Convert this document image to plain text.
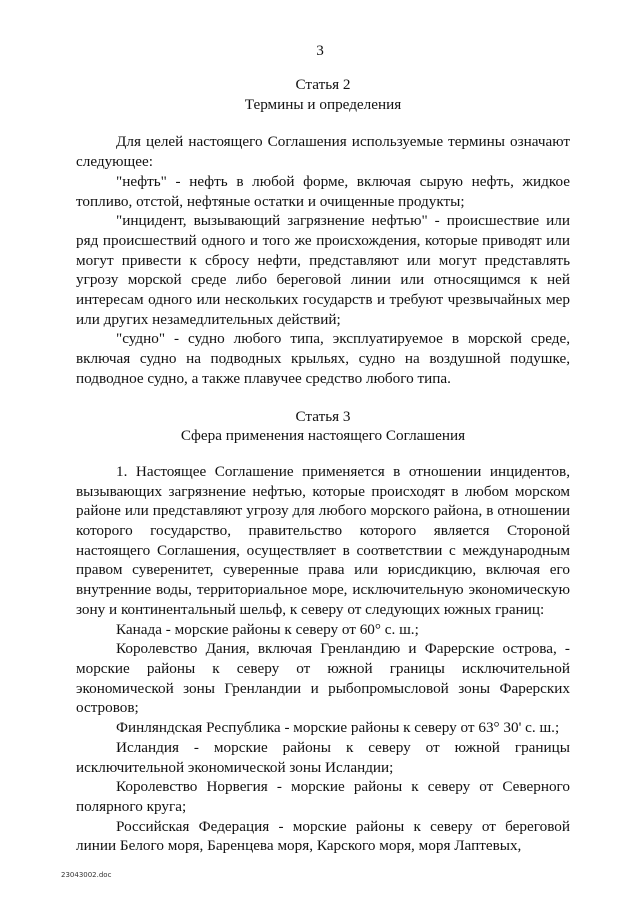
3
Статья 2
Термины и определения

Для целей настоящего Соглашения используемые термины означают следующее:

"нефть" - нефть в любой форме, включая сырую нефть, жидкое топливо, отстой, нефтяные остатки и очищенные продукты;

"инцидент, вызывающий загрязнение нефтью" - происшествие или ряд происшествий одного и того же происхождения, которые приводят или могут привести к сбросу нефти, представляют или могут представлять угрозу морской среде либо береговой линии или относящимся к ней интересам одного или нескольких государств и требуют чрезвычайных мер или других незамедлительных действий;

"судно" - судно любого типа, эксплуатируемое в морской среде, включая судно на подводных крыльях, судно на воздушной подушке, подводное судно, а также плавучее средство любого типа.

Статья 3
Сфера применения настоящего Соглашения

1. Настоящее Соглашение применяется в отношении инцидентов, вызывающих загрязнение нефтью, которые происходят в любом морском районе или представляют угрозу для любого морского района, в отношении которого государство, правительство которого является Стороной настоящего Соглашения, осуществляет в соответствии с международным правом суверенитет, суверенные права или юрисдикцию, включая его внутренние воды, территориальное море, исключительную экономическую зону и континентальный шельф, к северу от следующих южных границ:

Канада - морские районы к северу от 60° с. ш.;

Королевство Дания, включая Гренландию и Фарерские острова, - морские районы к северу от южной границы исключительной экономической зоны Гренландии и рыбопромысловой зоны Фарерских островов;

Финляндская Республика - морские районы к северу от 63° 30' с. ш.;

Исландия - морские районы к северу от южной границы исключительной экономической зоны Исландии;

Королевство Норвегия - морские районы к северу от Северного полярного круга;

Российская Федерация - морские районы к северу от береговой линии Белого моря, Баренцева моря, Карского моря, моря Лаптевых,

23043002.doc
